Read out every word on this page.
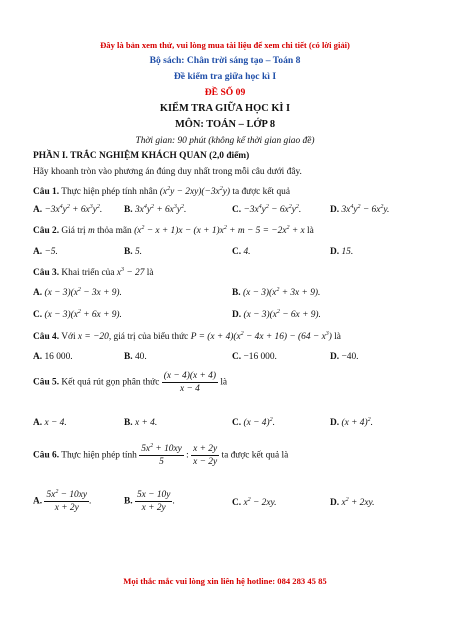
Đây là bản xem thử, vui lòng mua tài liệu để xem chi tiết (có lời giải)
Bộ sách: Chân trời sáng tạo – Toán 8
Đề kiểm tra giữa học kì I
ĐỀ SỐ 09
KIỂM TRA GIỮA HỌC KÌ I
MÔN: TOÁN – LỚP 8
Thời gian: 90 phút (không kể thời gian giao đề)
PHẦN I. TRẮC NGHIỆM KHÁCH QUAN (2,0 điểm)
Hãy khoanh tròn vào phương án đúng duy nhất trong mỗi câu dưới đây.
Câu 1. Thực hiện phép tính nhân $(x^2y - 2xy)(-3x^2y)$ ta được kết quả
A. $-3x^4y^2 + 6x^3y^2$. B. $3x^4y^2 + 6x^3y^2$.	C. $-3x^4y^2 - 6x^2y^2$.	D. $3x^4y^2 - 6x^2y$.
Câu 2. Giá trị m thỏa mãn $(x^2 - x + 1)x - (x + 1)x^2 + m - 5 = -2x^2 + x$ là
A. −5.	B. 5.	C. 4.	D. 15.
Câu 3. Khai triển của $x^3 - 27$ là
A. $(x - 3)(x^2 - 3x + 9)$.	B. $(x - 3)(x^2 + 3x + 9)$.
C. $(x - 3)(x^2 + 6x + 9)$.	D. $(x - 3)(x^2 - 6x + 9)$.
Câu 4. Với x = −20, giá trị của biểu thức $P = (x + 4)(x^2 - 4x + 16) - (64 - x^3)$ là
A. 16 000.	B. 40.	C. −16 000.	D. −40.
Câu 5. Kết quả rút gọn phân thức $\frac{(x - 4)(x + 4)}{x - 4}$ là
A. x − 4.	B. x + 4.	C. $(x - 4)^2$.	D. $(x + 4)^2$.
Câu 6. Thực hiện phép tính $\frac{5x^2 + 10xy}{5}$ : $\frac{x + 2y}{x - 2y}$ ta được kết quả là
A. $\frac{5x^2 - 10xy}{x + 2y}$ .	B. $\frac{5x - 10y}{x + 2y}$ .	C. $x^2 - 2xy$.	D. $x^2 + 2xy$.
Mọi thắc mắc vui lòng xin liên hệ hotline: 084 283 45 85
